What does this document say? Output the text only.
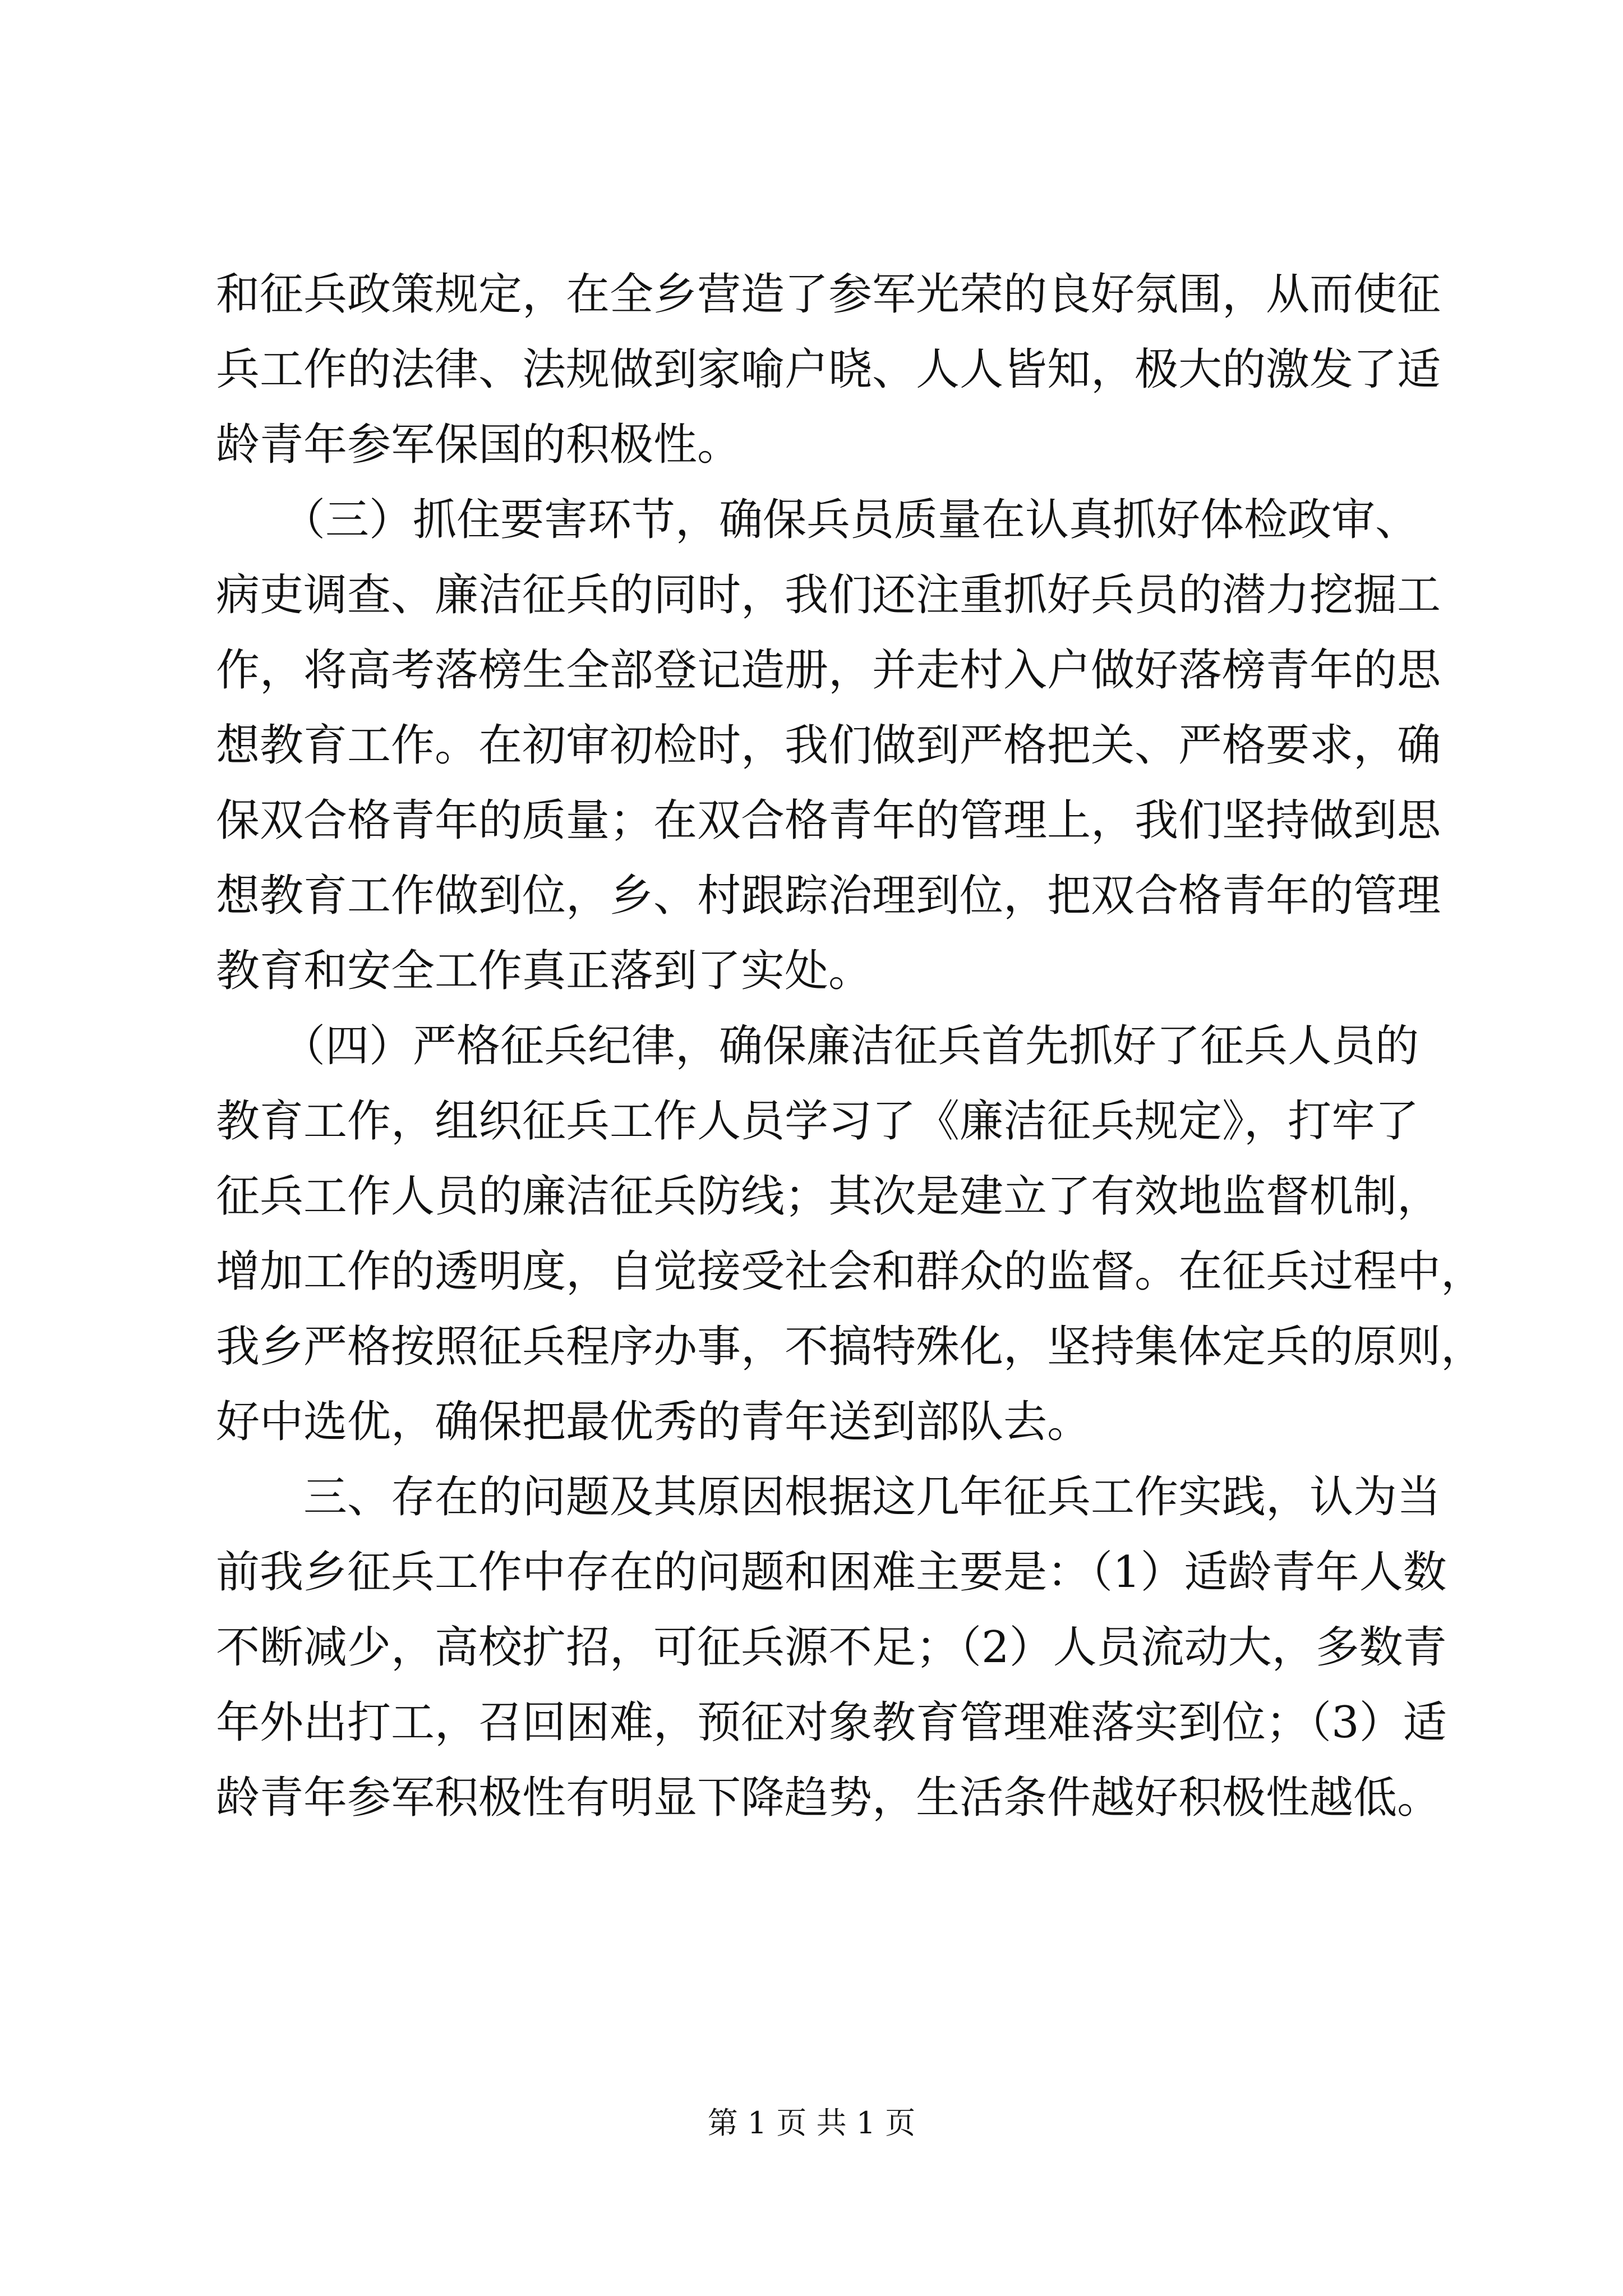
和征兵政策规定，在全乡营造了参军光荣的良好氛围，从而使征
兵工作的法律、法规做到家喻户晓、人人皆知，极大的激发了适
龄青年参军保国的积极性。
　　（三）抓住要害环节，确保兵员质量在认真抓好体检政审、
病吏调查、廉洁征兵的同时，我们还注重抓好兵员的潜力挖掘工
作，将高考落榜生全部登记造册，并走村入户做好落榜青年的思
想教育工作。在初审初检时，我们做到严格把关、严格要求，确
保双合格青年的质量；在双合格青年的管理上，我们坚持做到思
想教育工作做到位，乡、村跟踪治理到位，把双合格青年的管理
教育和安全工作真正落到了实处。
　　（四）严格征兵纪律，确保廉洁征兵首先抓好了征兵人员的
教育工作，组织征兵工作人员学习了《廉洁征兵规定》，打牢了
征兵工作人员的廉洁征兵防线；其次是建立了有效地监督机制，
增加工作的透明度，自觉接受社会和群众的监督。在征兵过程中，
我乡严格按照征兵程序办事，不搞特殊化，坚持集体定兵的原则，
好中选优，确保把最优秀的青年送到部队去。
　　三、存在的问题及其原因根据这几年征兵工作实践，认为当
前我乡征兵工作中存在的问题和困难主要是：（1）适龄青年人数
不断减少，高校扩招，可征兵源不足；（2）人员流动大，多数青
年外出打工，召回困难，预征对象教育管理难落实到位；（3）适
龄青年参军积极性有明显下降趋势，生活条件越好积极性越低。
第 1 页 共 1 页
